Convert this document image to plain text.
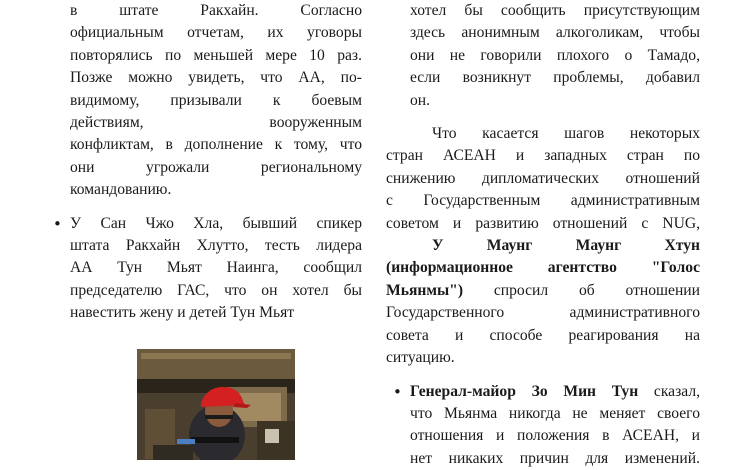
в штате Ракхайн. Согласно
официальным отчетам, их уговоры
повторялись по меньшей мере 10 раз.
Позже можно увидеть, что АА, по-
видимому, призывали к боевым
действиям, вооруженным
конфликтам, в дополнение к тому, что
они угрожали региональному
командованию.
• У Сан Чжо Хла, бывший спикер
штата Ракхайн Хлутто, тесть лидера
АА Тун Мьят Наинга, сообщил
председателю ГАС, что он хотел бы
навестить жену и детей Тун Мьят
хотел бы сообщить присутствующим
здесь анонимным алкоголикам, чтобы
они не говорили плохого о Тамадо,
если возникнут проблемы, добавил
он.
Что касается шагов некоторых
стран АСЕАН и западных стран по
снижению дипломатических отношений
с Государственным административным
советом и развитию отношений с NUG,
У Маунг Маунг Хтун
(информационное агентство "Голос
Мьянмы") спросил об отношении
Государственного административного
совета и способе реагирования на
ситуацию.
• Генерал-майор Зо Мин Тун сказал,
что Мьянма никогда не меняет своего
отношения и положения в АСЕАН, и
нет никаких причин для изменений.
